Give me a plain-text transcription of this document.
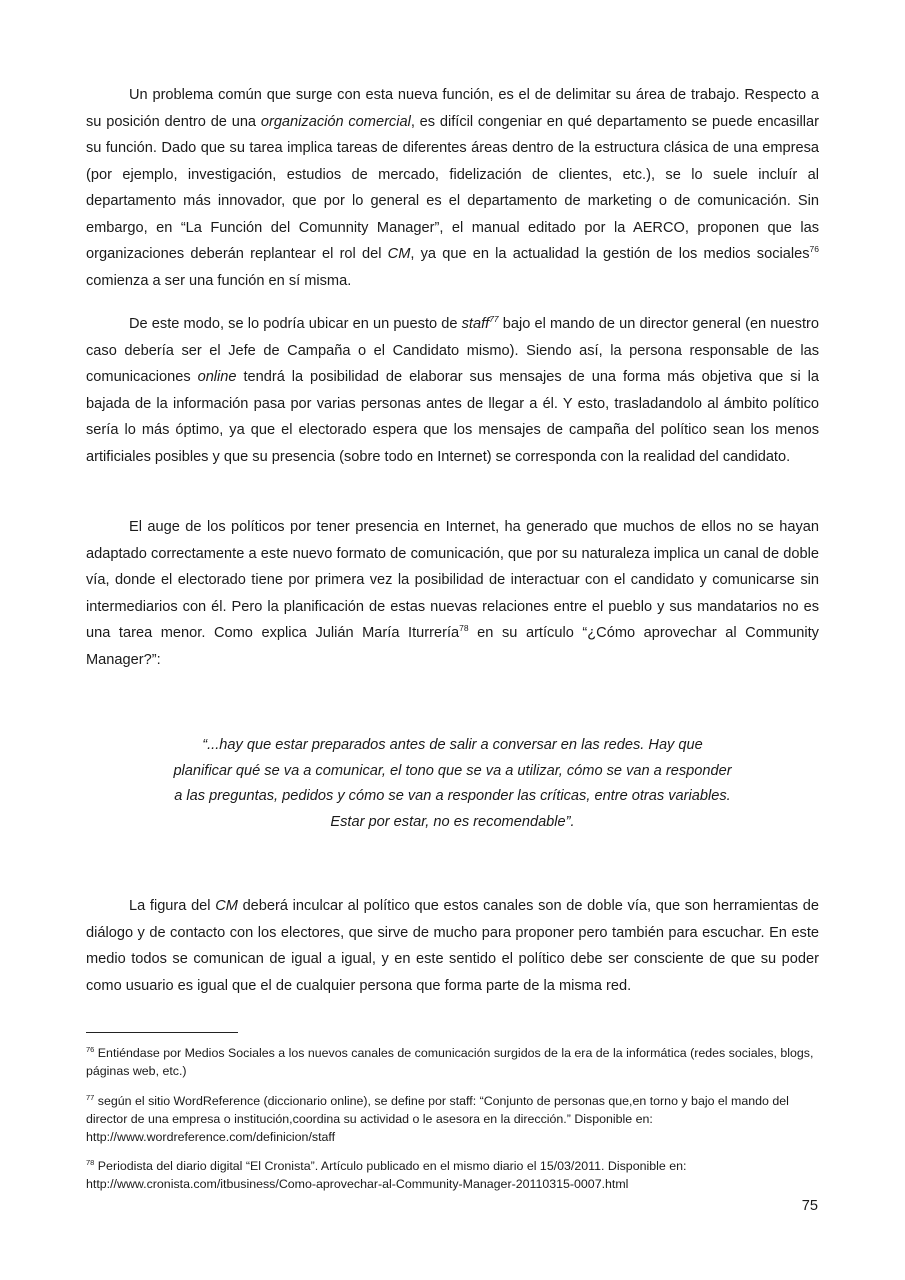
Un problema común que surge con esta nueva función, es el de delimitar su área de trabajo. Respecto a su posición dentro de una organización comercial, es difícil congeniar en qué departamento se puede encasillar su función. Dado que su tarea implica tareas de diferentes áreas dentro de la estructura clásica de una empresa (por ejemplo, investigación, estudios de mercado, fidelización de clientes, etc.), se lo suele incluír al departamento más innovador, que por lo general es el departamento de marketing o de comunicación. Sin embargo, en “La Función del Comunnity Manager”, el manual editado por la AERCO, proponen que las organizaciones deberán replantear el rol del CM, ya que en la actualidad la gestión de los medios sociales$^{76}$ comienza a ser una función en sí misma.

De este modo, se lo podría ubicar en un puesto de staff$^{77}$ bajo el mando de un director general (en nuestro caso debería ser el Jefe de Campaña o el Candidato mismo). Siendo así, la persona responsable de las comunicaciones online tendrá la posibilidad de elaborar sus mensajes de una forma más objetiva que si la bajada de la información pasa por varias personas antes de llegar a él. Y esto, trasladandolo al ámbito político sería lo más óptimo, ya que el electorado espera que los mensajes de campaña del político sean los menos artificiales posibles y que su presencia (sobre todo en Internet) se corresponda con la realidad del candidato.

El auge de los políticos por tener presencia en Internet, ha generado que muchos de ellos no se hayan adaptado correctamente a este nuevo formato de comunicación, que por su naturaleza implica un canal de doble vía, donde el electorado tiene por primera vez la posibilidad de interactuar con el candidato y comunicarse sin intermediarios con él. Pero la planificación de estas nuevas relaciones entre el pueblo y sus mandatarios no es una tarea menor. Como explica Julián María Iturrería$^{78}$ en su artículo “¿Cómo aprovechar al Community Manager?”:

“...hay que estar preparados antes de salir a conversar en las redes. Hay que
planificar qué se va a comunicar, el tono que se va a utilizar, cómo se van a responder
a las preguntas, pedidos y cómo se van a responder las críticas, entre otras variables.
Estar por estar, no es recomendable”.

La figura del CM deberá inculcar al político que estos canales son de doble vía, que son herramientas de diálogo y de contacto con los electores, que sirve de mucho para proponer pero también para escuchar. En este medio todos se comunican de igual a igual, y en este sentido el político debe ser consciente de que su poder como usuario es igual que el de cualquier persona que forma parte de la misma red.

$^{76}$ Entiéndase por Medios Sociales a los nuevos canales de comunicación surgidos de la era de la informática (redes sociales, blogs, páginas web, etc.)

$^{77}$ según el sitio WordReference (diccionario online), se define por staff: “Conjunto de personas que,en torno y bajo el mando del director de una empresa o institución,coordina su actividad o le asesora en la dirección.” Disponible en: http://www.wordreference.com/definicion/staff

$^{78}$ Periodista del diario digital “El Cronista”. Artículo publicado en el mismo diario el 15/03/2011. Disponible en: http://www.cronista.com/itbusiness/Como-aprovechar-al-Community-Manager-20110315-0007.html

75
